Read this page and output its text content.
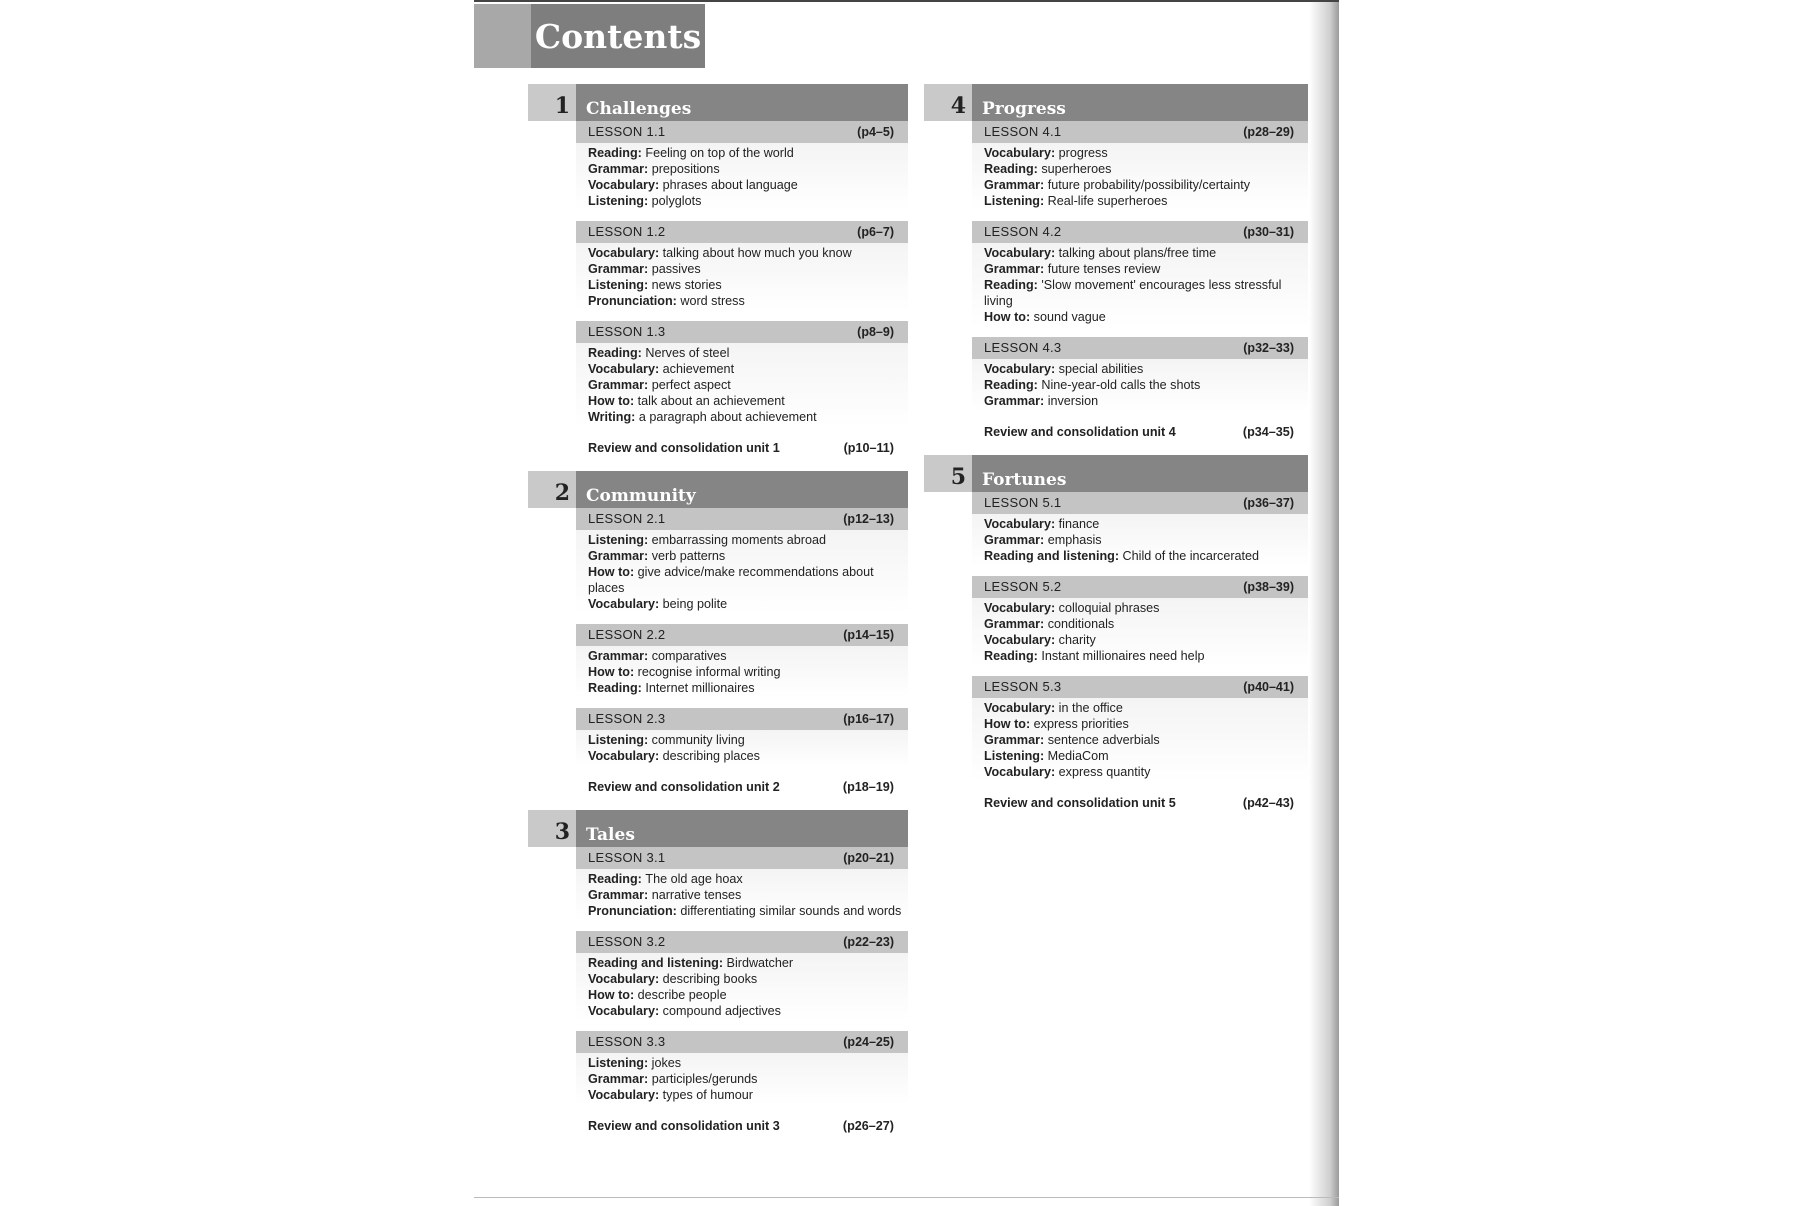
Contents
1 Challenges
LESSON 1.1	(p4–5)
Reading: Feeling on top of the world
Grammar: prepositions
Vocabulary: phrases about language
Listening: polyglots
LESSON 1.2	(p6–7)
Vocabulary: talking about how much you know
Grammar: passives
Listening: news stories
Pronunciation: word stress
LESSON 1.3	(p8–9)
Reading: Nerves of steel
Vocabulary: achievement
Grammar: perfect aspect
How to: talk about an achievement
Writing: a paragraph about achievement
Review and consolidation unit 1	(p10–11)
2 Community
LESSON 2.1	(p12–13)
Listening: embarrassing moments abroad
Grammar: verb patterns
How to: give advice/make recommendations about places
Vocabulary: being polite
LESSON 2.2	(p14–15)
Grammar: comparatives
How to: recognise informal writing
Reading: Internet millionaires
LESSON 2.3	(p16–17)
Listening: community living
Vocabulary: describing places
Review and consolidation unit 2	(p18–19)
3 Tales
LESSON 3.1	(p20–21)
Reading: The old age hoax
Grammar: narrative tenses
Pronunciation: differentiating similar sounds and words
LESSON 3.2	(p22–23)
Reading and listening: Birdwatcher
Vocabulary: describing books
How to: describe people
Vocabulary: compound adjectives
LESSON 3.3	(p24–25)
Listening: jokes
Grammar: participles/gerunds
Vocabulary: types of humour
Review and consolidation unit 3	(p26–27)
4 Progress
LESSON 4.1	(p28–29)
Vocabulary: progress
Reading: superheroes
Grammar: future probability/possibility/certainty
Listening: Real-life superheroes
LESSON 4.2	(p30–31)
Vocabulary: talking about plans/free time
Grammar: future tenses review
Reading: 'Slow movement' encourages less stressful living
How to: sound vague
LESSON 4.3	(p32–33)
Vocabulary: special abilities
Reading: Nine-year-old calls the shots
Grammar: inversion
Review and consolidation unit 4	(p34–35)
5 Fortunes
LESSON 5.1	(p36–37)
Vocabulary: finance
Grammar: emphasis
Reading and listening: Child of the incarcerated
LESSON 5.2	(p38–39)
Vocabulary: colloquial phrases
Grammar: conditionals
Vocabulary: charity
Reading: Instant millionaires need help
LESSON 5.3	(p40–41)
Vocabulary: in the office
How to: express priorities
Grammar: sentence adverbials
Listening: MediaCom
Vocabulary: express quantity
Review and consolidation unit 5	(p42–43)
